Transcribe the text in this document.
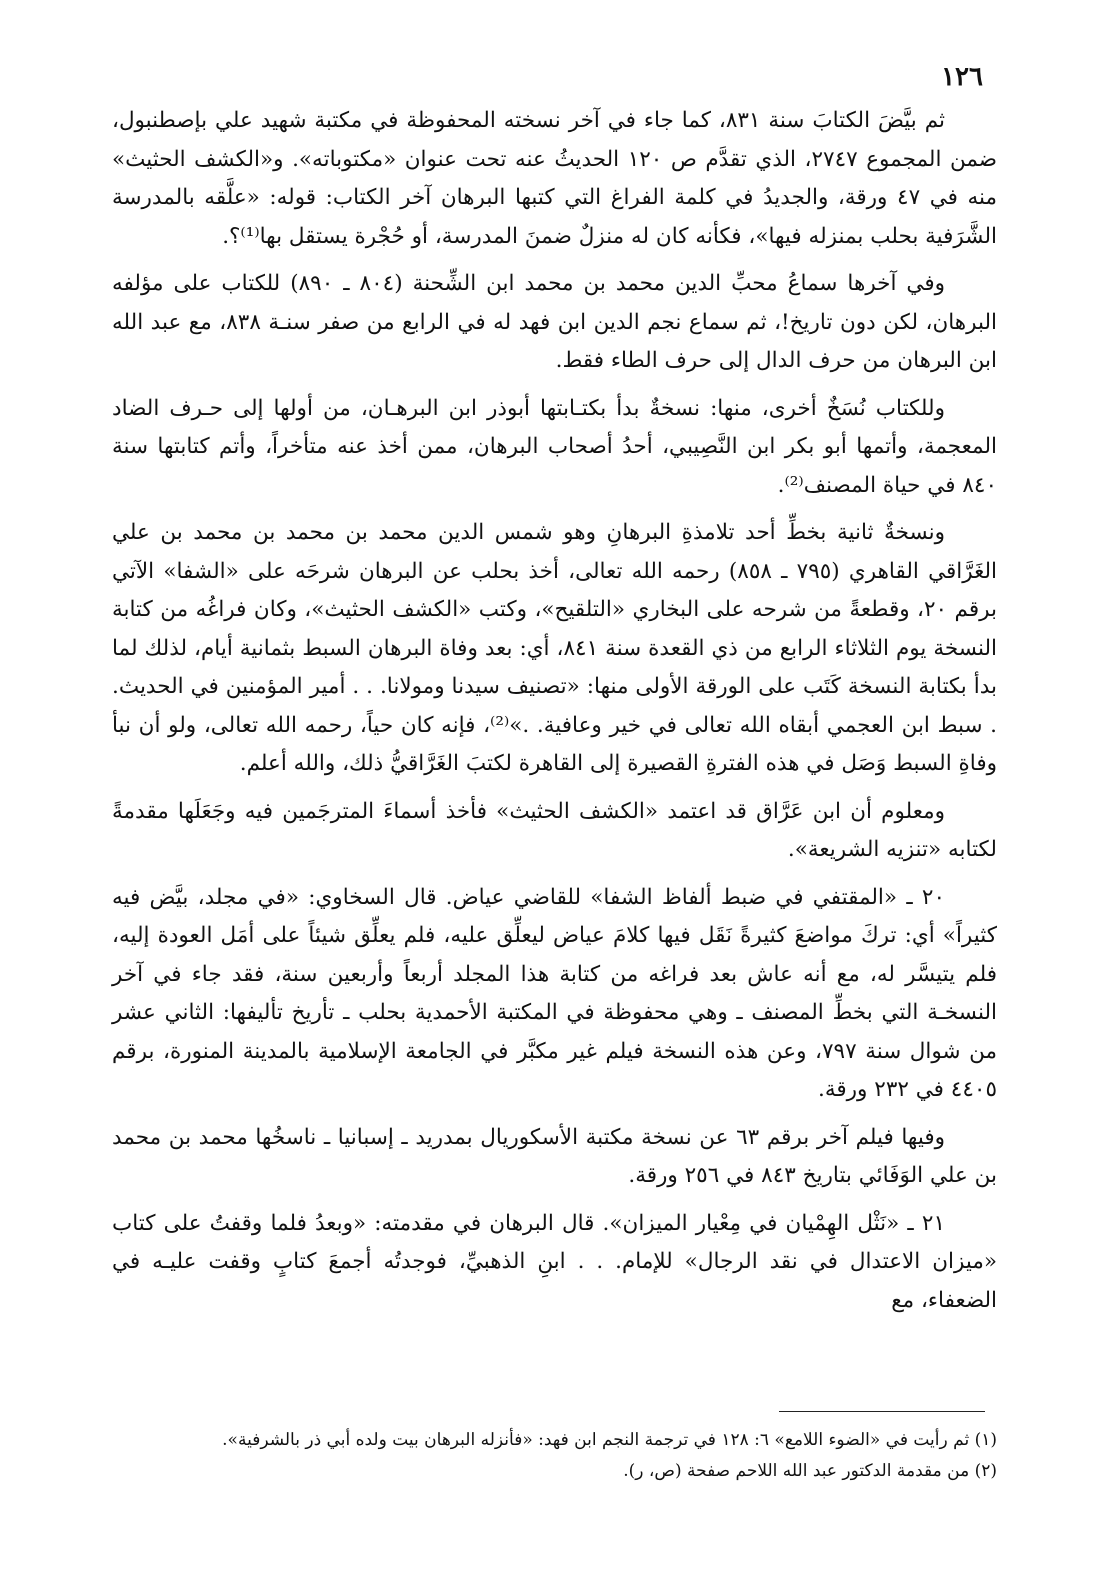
١٢٦

ثم بيَّضَ الكتابَ سنة ٨٣١، كما جاء في آخر نسخته المحفوظة في مكتبة شهيد علي بإصطنبول، ضمن المجموع ٢٧٤٧، الذي تقدَّم ص ١٢٠ الحديثُ عنه تحت عنوان «مكتوباته». و«الكشف الحثيث» منه في ٤٧ ورقة، والجديدُ في كلمة الفراغ التي كتبها البرهان آخر الكتاب: قوله: «علَّقه بالمدرسة الشَّرَفية بحلب بمنزله فيها»، فكأنه كان له منزلٌ ضمنَ المدرسة، أو حُجْرة يستقل بها⁽¹⁾؟.

وفي آخرها سماعُ محبِّ الدين محمد بن محمد ابن الشِّحنة (٨٠٤ ـ ٨٩٠) للكتاب على مؤلفه البرهان، لكن دون تاريخ!، ثم سماع نجم الدين ابن فهد له في الرابع من صفر سنـة ٨٣٨، مع عبد الله ابن البرهان من حرف الدال إلى حرف الطاء فقط.

وللكتاب نُسَخٌ أخرى، منها: نسخةٌ بدأ بكتـابتها أبوذر ابن البرهـان، من أولها إلى حـرف الضاد المعجمة، وأتمها أبو بكر ابن النَّصِيبي، أحدُ أصحاب البرهان، ممن أخذ عنه متأخراً، وأتم كتابتها سنة ٨٤٠ في حياة المصنف⁽²⁾.

ونسخةٌ ثانية بخطِّ أحد تلامذةِ البرهانِ وهو شمس الدين محمد بن محمد بن محمد بن علي الغَرَّاقي القاهري (٧٩٥ ـ ٨٥٨) رحمه الله تعالى، أخذ بحلب عن البرهان شرحَه على «الشفا» الآتي برقم ٢٠، وقطعةً من شرحه على البخاري «التلقيح»، وكتب «الكشف الحثيث»، وكان فراغُه من كتابة النسخة يوم الثلاثاء الرابع من ذي القعدة سنة ٨٤١، أي: بعد وفاة البرهان السبط بثمانية أيام، لذلك لما بدأ بكتابة النسخة كَتَب على الورقة الأولى منها: «تصنيف سيدنا ومولانا. . . أمير المؤمنين في الحديث. . سبط ابن العجمي أبقاه الله تعالى في خير وعافية. .»⁽²⁾، فإنه كان حياً، رحمه الله تعالى، ولو أن نبأ وفاةِ السبط وَصَل في هذه الفترةِ القصيرة إلى القاهرة لكتبَ الغَرَّاقيُّ ذلك، والله أعلم.

ومعلوم أن ابن عَرَّاق قد اعتمد «الكشف الحثيث» فأخذ أسماءَ المترجَمين فيه وجَعَلَها مقدمةً لكتابه «تنزيه الشريعة».

٢٠ ـ «المقتفي في ضبط ألفاظ الشفا» للقاضي عياض. قال السخاوي: «في مجلد، بيَّض فيه كثيراً» أي: تركَ مواضعَ كثيرةً نَقَل فيها كلامَ عياض ليعلِّق عليه، فلم يعلِّق شيئاً على أمَل العودة إليه، فلم يتيسَّر له، مع أنه عاش بعد فراغه من كتابة هذا المجلد أربعاً وأربعين سنة، فقد جاء في آخر النسخـة التي بخطِّ المصنف ـ وهي محفوظة في المكتبة الأحمدية بحلب ـ تأريخ تأليفها: الثاني عشر من شوال سنة ٧٩٧، وعن هذه النسخة فيلم غير مكبَّر في الجامعة الإسلامية بالمدينة المنورة، برقم ٤٤٠٥ في ٢٣٢ ورقة.

وفيها فيلم آخر برقم ٦٣ عن نسخة مكتبة الأسكوريال بمدريد ـ إسبانيا ـ ناسخُها محمد بن محمد بن علي الوَفَائي بتاريخ ٨٤٣ في ٢٥٦ ورقة.

٢١ ـ «نَثْل الهِمْيان في مِعْيار الميزان». قال البرهان في مقدمته: «وبعدُ فلما وقفتُ على كتاب «ميزان الاعتدال في نقد الرجال» للإمام. . . ابنِ الذهبيِّ، فوجدتُه أجمعَ كتابٍ وقفت عليـه في الضعفاء، مع

(١) ثم رأيت في «الضوء اللامع» ٦: ١٢٨ في ترجمة النجم ابن فهد: «فأنزله البرهان بيت ولده أبي ذر بالشرفية».

(٢) من مقدمة الدكتور عبد الله اللاحم صفحة (ص، ر).
